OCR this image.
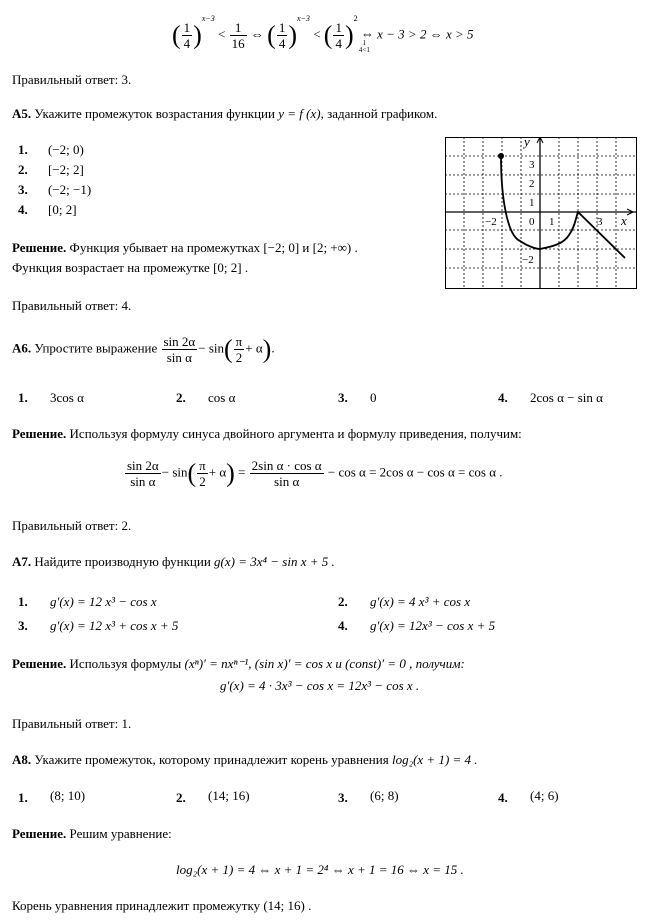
( $\frac{1}{4} )^{x-3} < \frac{1}{16}$ ⇔ ( $\frac{1}{4} )^{x-3}$ < ( $\frac{1}{4} )^2$ ⇔
1
4<1
x − 3 > 2 ⇔ x > 5
Правильный ответ: 3.
А5. Укажите промежуток возрастания функции y = f (x), заданной графиком.
1. (−2; 0)
2. [−2; 2]
3. (−2; −1)
4. [0; 2]
y
x
3
2
1
0
−2	1	3
−2
Решение. Функция убывает на промежутках [−2; 0] и [2; +∞) .
Функция возрастает на промежутке [0; 2] .
Правильный ответ: 4.
А6. Упростите выражение $\frac{\sin 2\alpha}{\text{sin α}} - \sin( \frac{\pi}{2} + \alpha)$.
1. 3cos α	2. cos α	3. 0	4. 2cos α − sin α
Решение. Используя формулу синуса двойного аргумента и формулу приведения, получим:
$\frac{\sin 2\alpha}{\text{sin α}} - \sin( \frac{\pi}{2} + \alpha) = \frac{\text{2sin α · cos α}}{\text{sin α}} - \cos \alpha = 2\cos$ α − cos α = cos α .
Правильный ответ: 2.
А7. Найдите производную функции g(x) = 3x⁴ − sin x + 5 .
1. g′(x) = 12 x³ − cos x	2. g′(x) = 4 x³ + cos x
3. g′(x) = 12 x³ + cos x + 5	4. g′(x) = 12x³ − cos x + 5
Решение. Используя формулы (xⁿ)′ = nxⁿ⁻¹, (sin x)′ = cos x и (const)′ = 0 , получим:
g′(x) = 4 · 3x³ − cos x = 12x³ − cos x .
Правильный ответ: 1.
А8. Укажите промежуток, которому принадлежит корень уравнения log₂(x + 1) = 4 .
1. (8; 10)	2. (14; 16)	3. (6; 8)	4. (4; 6)
Решение. Решим уравнение:
log₂(x + 1) = 4 ⇔ x + 1 = 2⁴ ⇔ x + 1 = 16 ⇔ x = 15 .
Корень уравнения принадлежит промежутку (14; 16) .
